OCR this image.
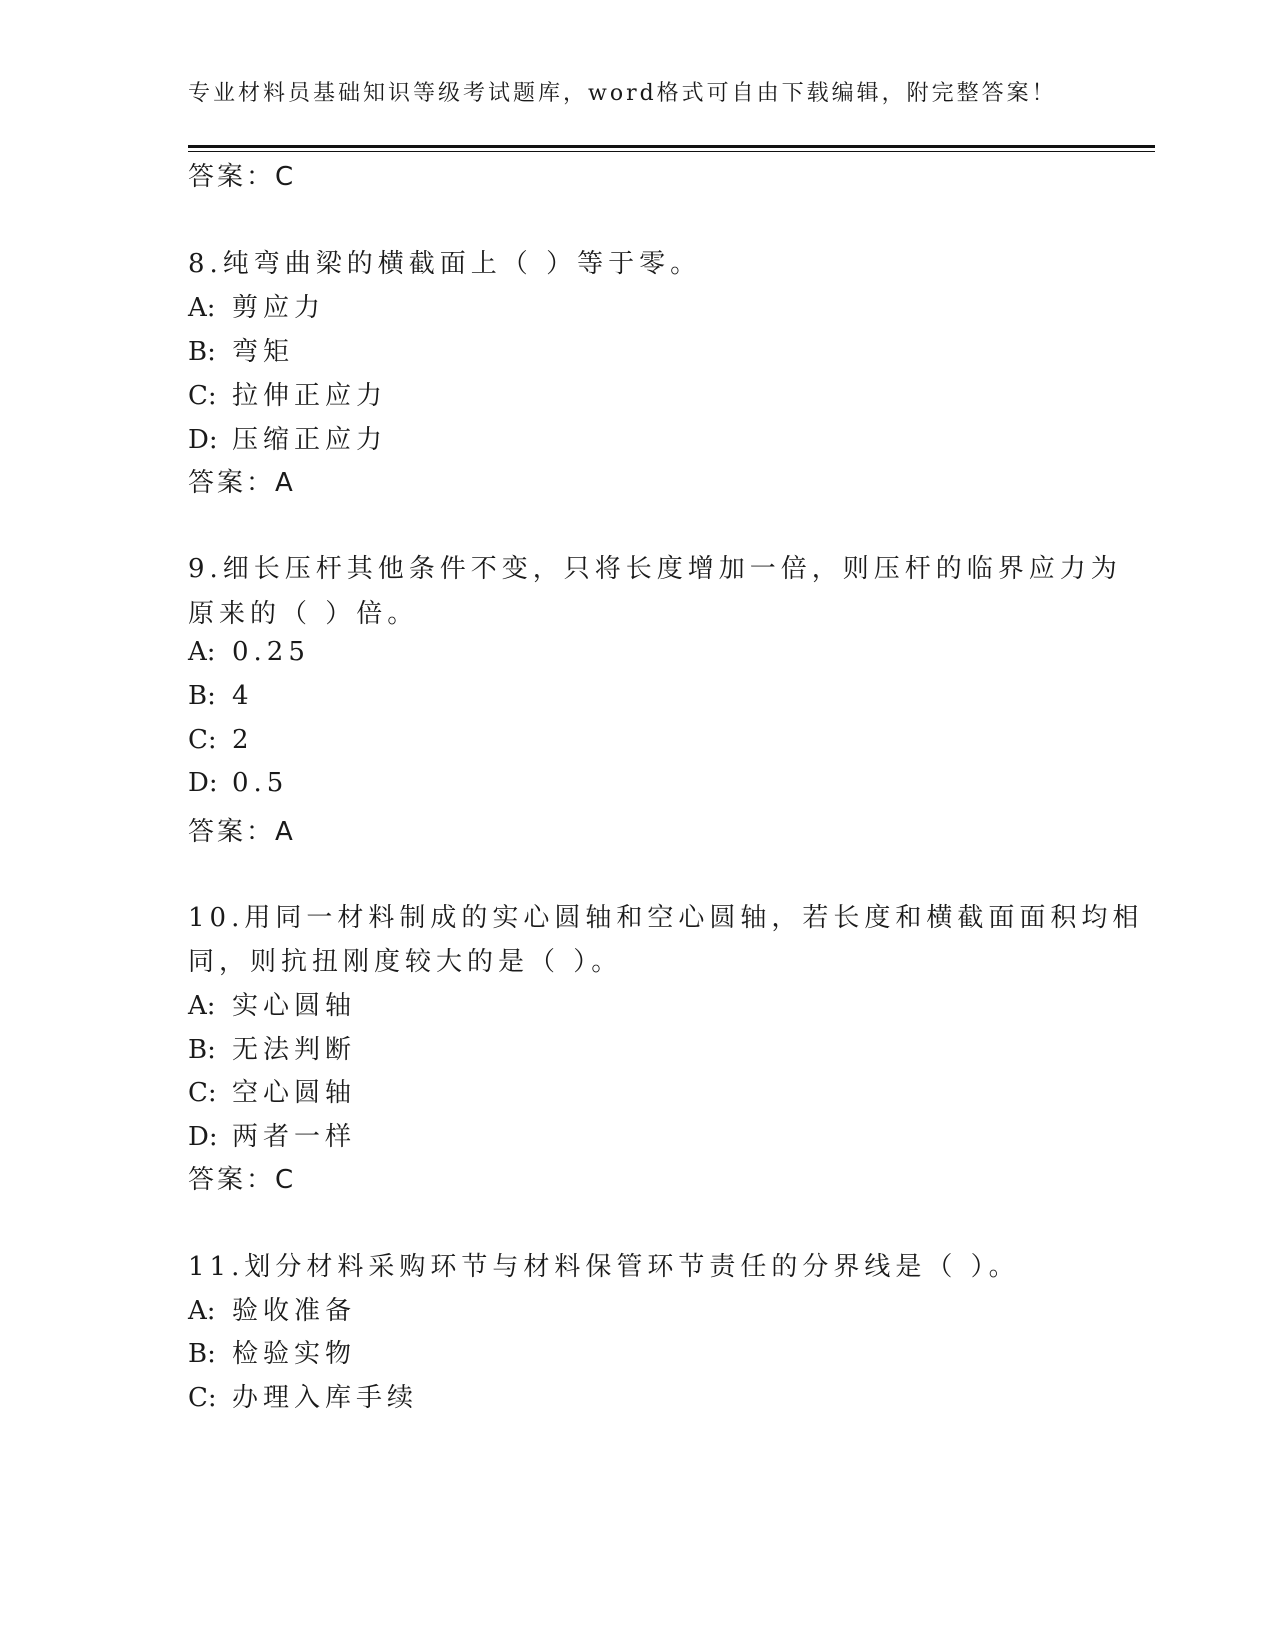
专业材料员基础知识等级考试题库，word格式可自由下载编辑，附完整答案！
答案：C
8.纯弯曲梁的横截面上（ ）等于零。
A: 剪应力
B: 弯矩
C: 拉伸正应力
D: 压缩正应力
答案：A
9.细长压杆其他条件不变，只将长度增加一倍，则压杆的临界应力为
原来的（ ）倍。
A: 0.25
B: 4
C: 2
D: 0.5
答案：A
10.用同一材料制成的实心圆轴和空心圆轴，若长度和横截面面积均相
同，则抗扭刚度较大的是（ ）。
A: 实心圆轴
B: 无法判断
C: 空心圆轴
D: 两者一样
答案：C
11.划分材料采购环节与材料保管环节责任的分界线是（ ）。
A: 验收准备
B: 检验实物
C: 办理入库手续
